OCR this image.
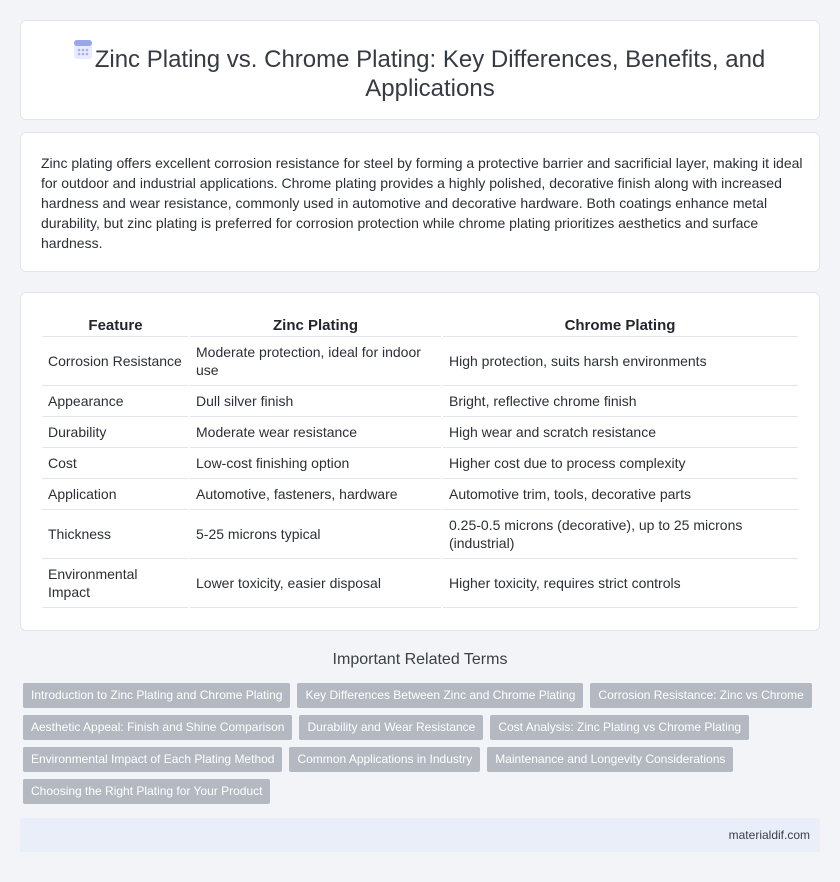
Zinc Plating vs. Chrome Plating: Key Differences, Benefits, and Applications

Zinc plating offers excellent corrosion resistance for steel by forming a protective barrier and sacrificial layer, making it ideal for outdoor and industrial applications. Chrome plating provides a highly polished, decorative finish along with increased hardness and wear resistance, commonly used in automotive and decorative hardware. Both coatings enhance metal durability, but zinc plating is preferred for corrosion protection while chrome plating prioritizes aesthetics and surface hardness.

Feature	Zinc Plating	Chrome Plating
Corrosion Resistance	Moderate protection, ideal for indoor use	High protection, suits harsh environments
Appearance	Dull silver finish	Bright, reflective chrome finish
Durability	Moderate wear resistance	High wear and scratch resistance
Cost	Low-cost finishing option	Higher cost due to process complexity
Application	Automotive, fasteners, hardware	Automotive trim, tools, decorative parts
Thickness	5-25 microns typical	0.25-0.5 microns (decorative), up to 25 microns (industrial)
Environmental Impact	Lower toxicity, easier disposal	Higher toxicity, requires strict controls
Important Related Terms
Introduction to Zinc Plating and Chrome Plating	Key Differences Between Zinc and Chrome Plating	Corrosion Resistance: Zinc vs Chrome
Aesthetic Appeal: Finish and Shine Comparison	Durability and Wear Resistance	Cost Analysis: Zinc Plating vs Chrome Plating
Environmental Impact of Each Plating Method	Common Applications in Industry	Maintenance and Longevity Considerations
Choosing the Right Plating for Your Product
materialdif.com
